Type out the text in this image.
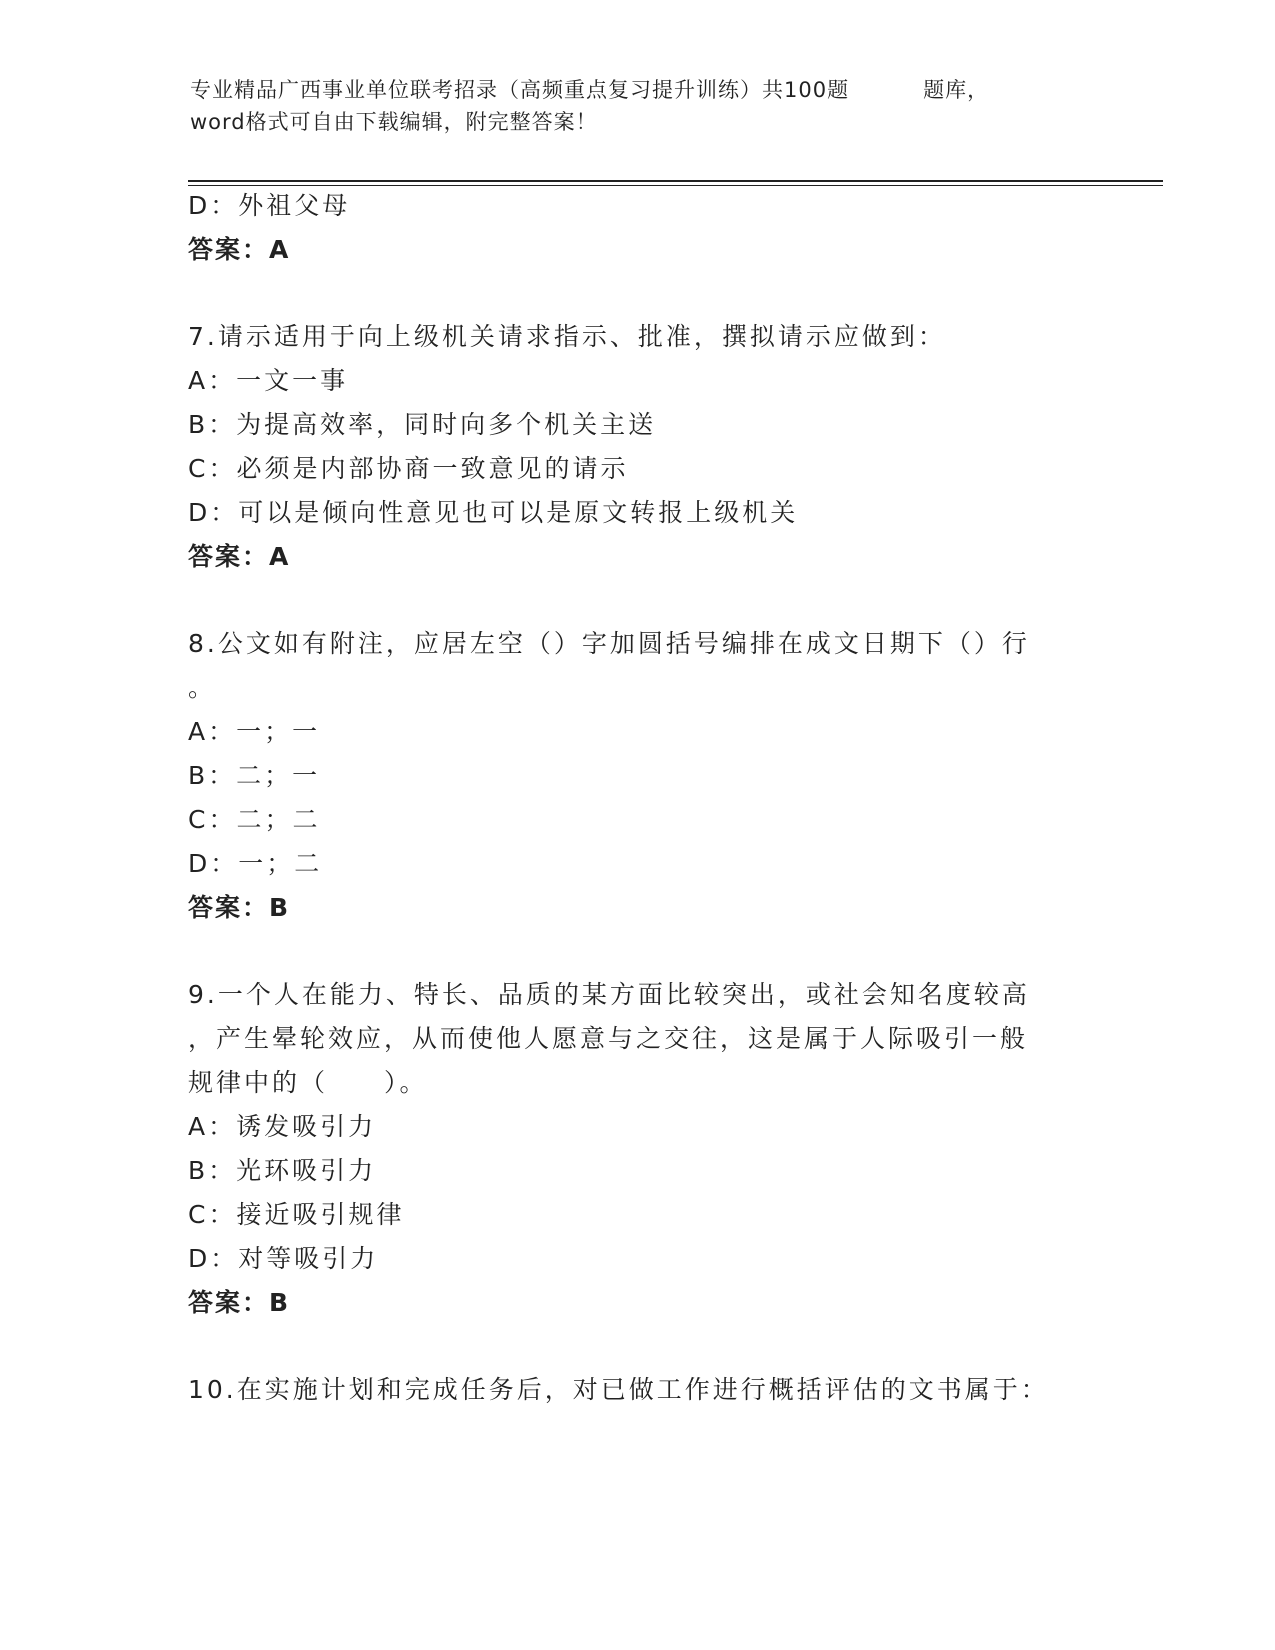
专业精品广西事业单位联考招录（高频重点复习提升训练）共100题	题库，
word格式可自由下载编辑，附完整答案！
D：外祖父母
答案：A
7.请示适用于向上级机关请求指示、批准，撰拟请示应做到：
A：一文一事
B：为提高效率，同时向多个机关主送
C：必须是内部协商一致意见的请示
D：可以是倾向性意见也可以是原文转报上级机关
答案：A
8.公文如有附注，应居左空（）字加圆括号编排在成文日期下（）行
。
A：一；一
B：二；一
C：二；二
D：一；二
答案：B
9.一个人在能力、特长、品质的某方面比较突出，或社会知名度较高
，产生晕轮效应，从而使他人愿意与之交往，这是属于人际吸引一般
规律中的（　　）。
A：诱发吸引力
B：光环吸引力
C：接近吸引规律
D：对等吸引力
答案：B
10.在实施计划和完成任务后，对已做工作进行概括评估的文书属于：
